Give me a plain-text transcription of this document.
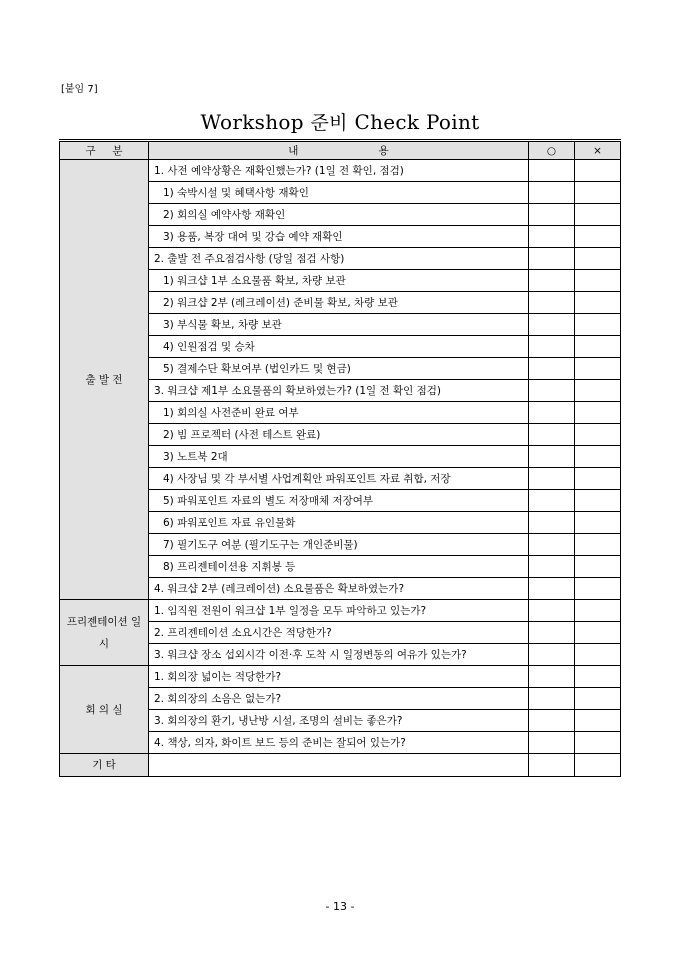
[붙임 7]
Workshop 준비 Check Point
구     분	내                        용	○	×
출 발 전	1. 사전 예약상황은 재확인했는가? (1일 전 확인, 점검)		
	1) 숙박시설 및 혜택사항 재확인		
	2) 회의실 예약사항 재확인		
	3) 용품, 복장 대여 및 강습 예약 재확인		
	2. 출발 전 주요점검사항 (당일 점검 사항)		
	1) 워크샵 1부 소요물품 확보, 차량 보관		
	2) 워크샵 2부 (레크레이션) 준비물 확보, 차량 보관		
	3) 부식물 확보, 차량 보관		
	4) 인원점검 및 승차		
	5) 결제수단 확보여부 (법인카드 및 현금)		
	3. 워크샵 제1부 소요물품의 확보하였는가? (1일 전 확인 점검)		
	1) 회의실 사전준비 완료 여부		
	2) 빔 프로젝터 (사전 테스트 완료)		
	3) 노트북 2대		
	4) 사장님 및 각 부서별 사업계획안 파워포인트 자료 취합, 저장		
	5) 파워포인트 자료의 별도 저장매체 저장여부		
	6) 파워포인트 자료 유인물화		
	7) 필기도구 여분 (필기도구는 개인준비물)		
	8) 프리젠테이션용 지휘봉 등		
	4. 워크샵 2부 (레크레이션) 소요물품은 확보하였는가?		
프리젠테이션 일 시	1. 임직원 전원이 워크샵 1부 일정을 모두 파악하고 있는가?		
	2. 프리젠테이션 소요시간은 적당한가?		
	3. 워크샵 장소 섭외시각 이전·후 도착 시 일정변동의 여유가 있는가?		
회 의 실	1. 회의장 넓이는 적당한가?		
	2. 회의장의 소음은 없는가?		
	3. 회의장의 환기, 냉난방 시설, 조명의 설비는 좋은가?		
	4. 책상, 의자, 화이트 보드 등의 준비는 잘되어 있는가?		
기 타			
- 13 -
